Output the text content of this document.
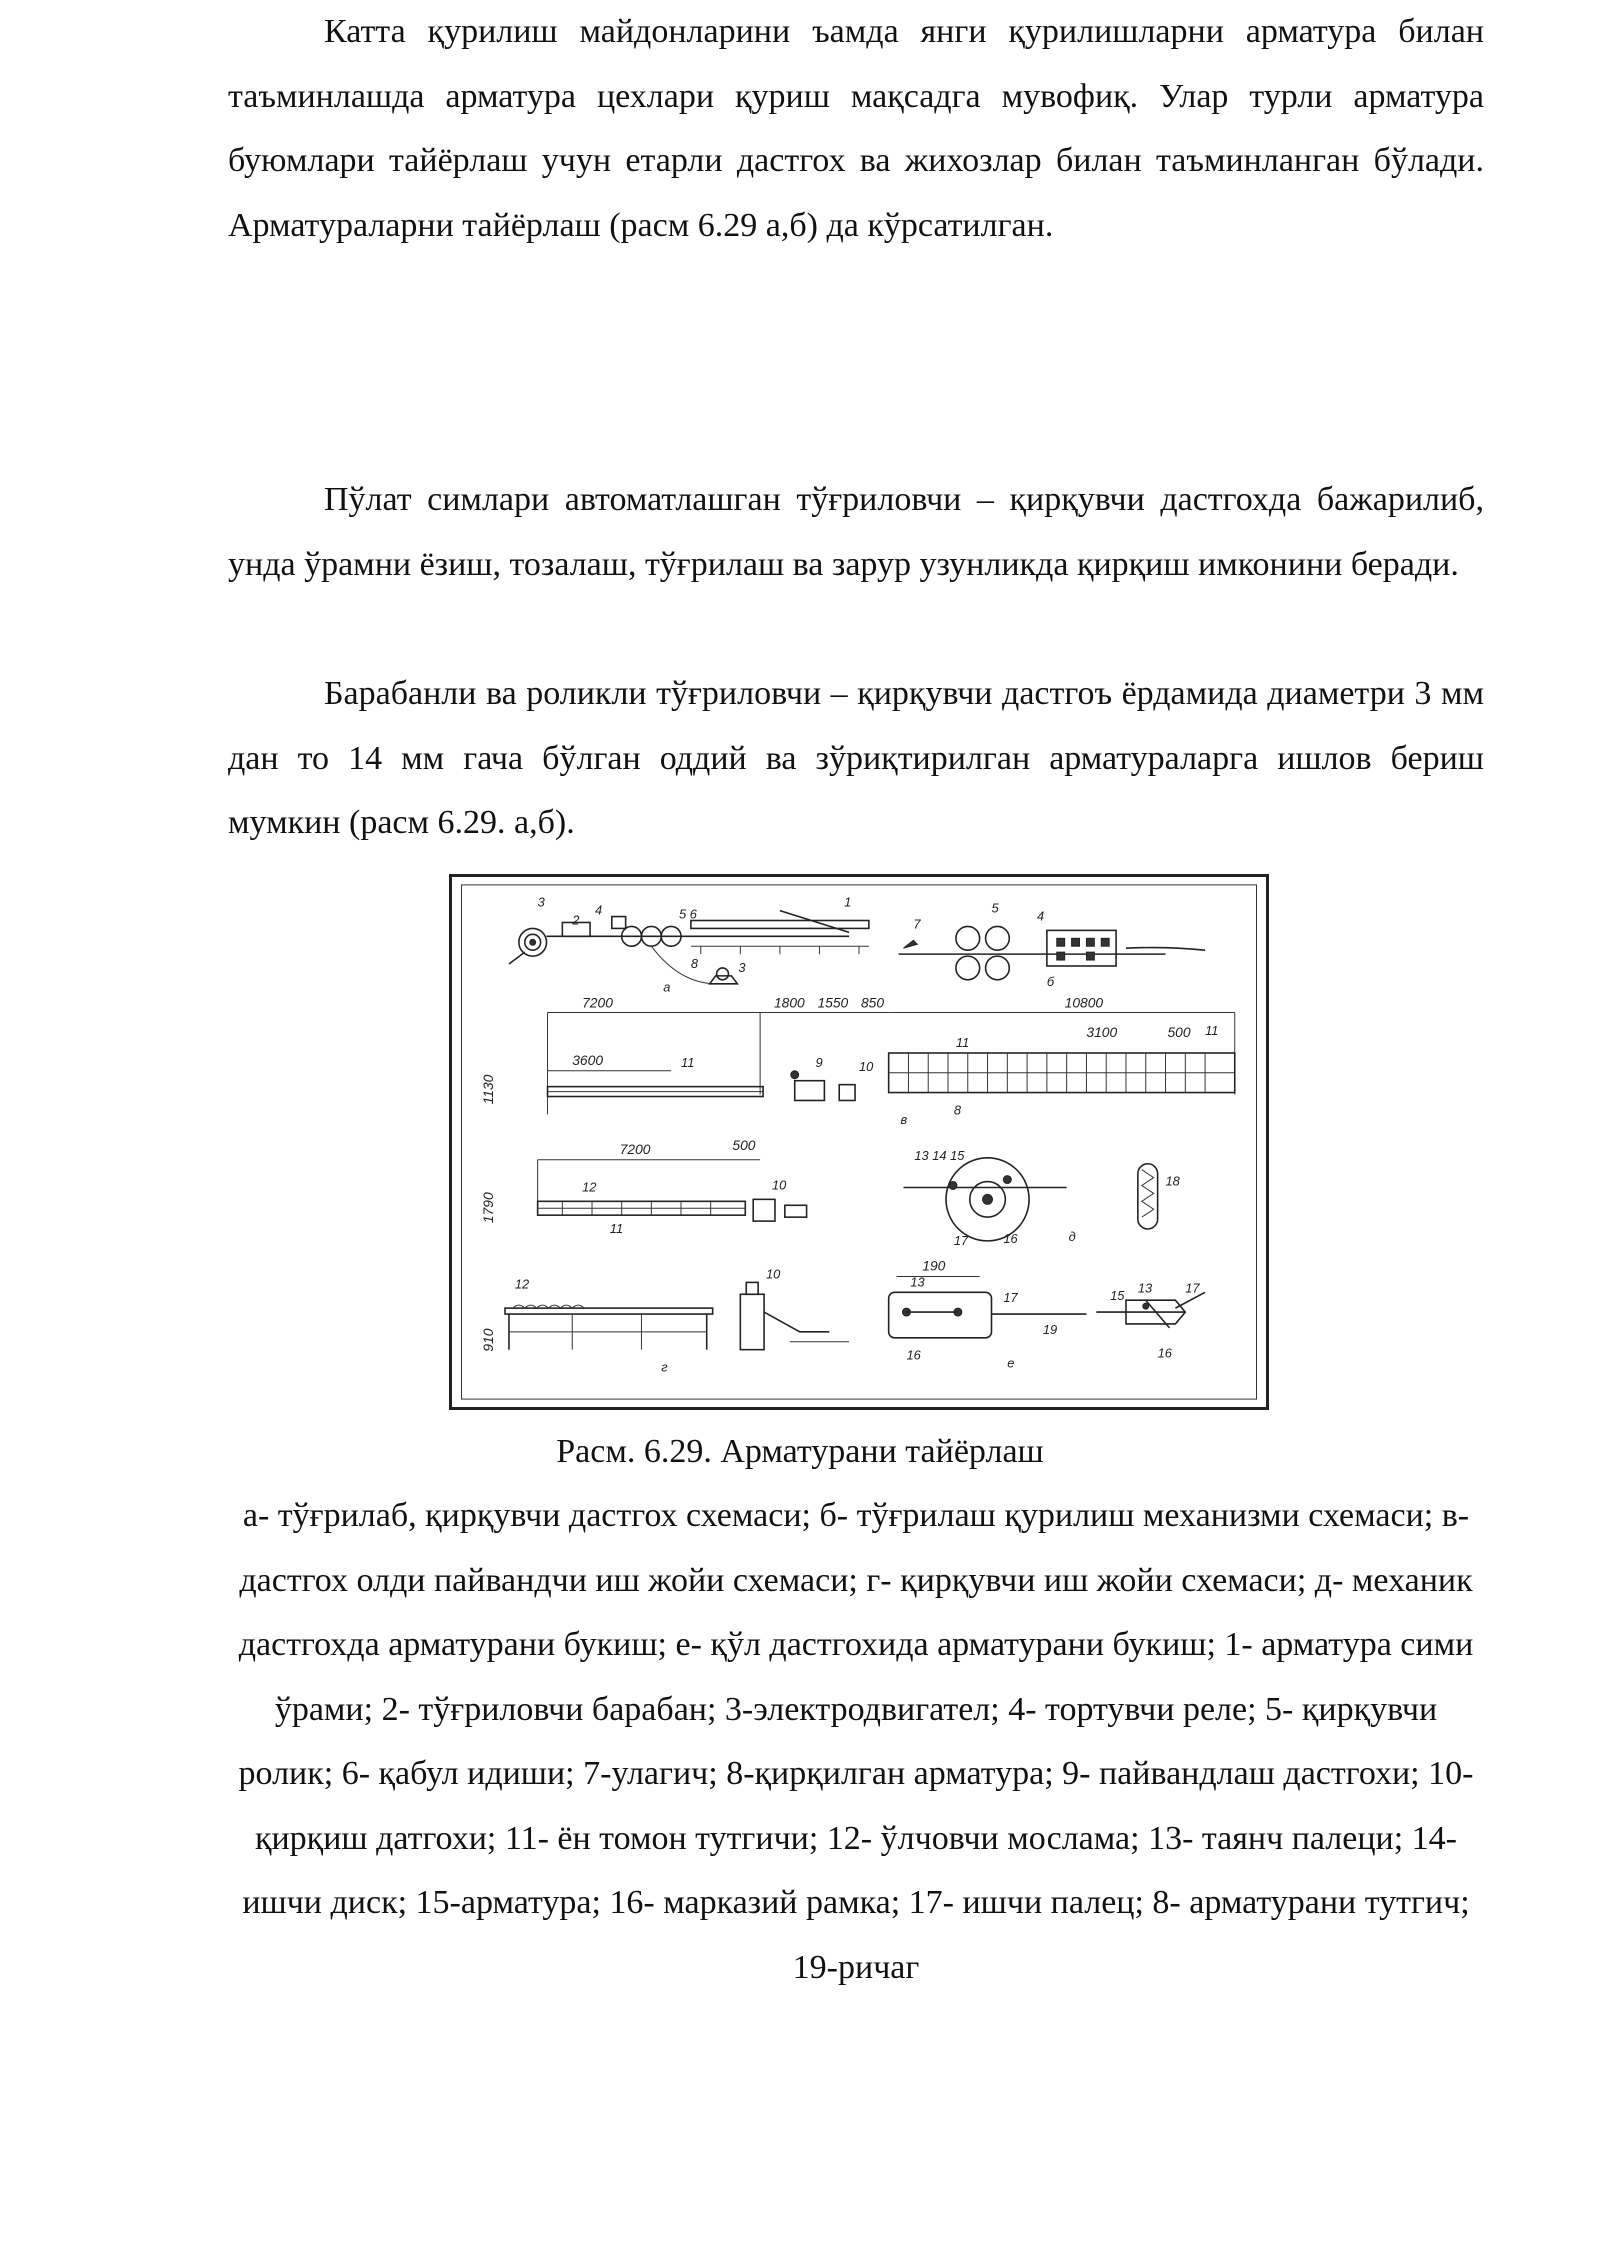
Катта қурилиш майдонларини ъамда янги қурилишларни арматура билан таъминлашда арматура цехлари қуриш мақсадга мувофиқ. Улар турли арматура буюмлари тайёрлаш учун етарли дастгох ва жихозлар билан таъминланган бўлади. Арматураларни тайёрлаш (расм 6.29 а,б) да кўрсатилган.

Пўлат симлари автоматлашган тўғриловчи – қирқувчи дастгохда бажарилиб, унда ўрамни ёзиш, тозалаш, тўғрилаш ва зарур узунликда қирқиш имконини беради.

Барабанли ва роликли тўғриловчи – қирқувчи дастгоъ ёрдамида диаметри 3 мм дан то 14 мм гача бўлган оддий ва зўриқтирилган арматураларга ишлов бериш мумкин (расм 6.29. а,б).

3
4
2	5 6
1
8	3
а
7
5
4
б
7200	1800 1550 850	10800
3600	11	9	10
3100	500 11
11
8
в
1130
7200	500
12	10
11
1790
13 14 15
17	16	д
18
910
12
10
г
190
13
17
19
16
е
15
13	17
16
Расм. 6.29. Арматурани тайёрлаш

а- тўғрилаб, қирқувчи дастгох схемаси; б- тўғрилаш қурилиш механизми схемаси; в- дастгох олди пайвандчи иш жойи схемаси; г- қирқувчи иш жойи схемаси; д- механик дастгохда арматурани букиш; е- қўл дастгохида арматурани букиш; 1- арматура сими ўрами; 2- тўғриловчи барабан; 3-электродвигател; 4- тортувчи реле; 5- қирқувчи ролик; 6- қабул идиши; 7-улагич; 8-қирқилган арматура; 9- пайвандлаш дастгохи; 10- қирқиш датгохи; 11- ён томон тутгичи; 12- ўлчовчи мослама; 13- таянч палеци; 14-ишчи диск; 15-арматура; 16- марказий рамка; 17- ишчи палец; 8- арматурани тутгич; 19-ричаг
